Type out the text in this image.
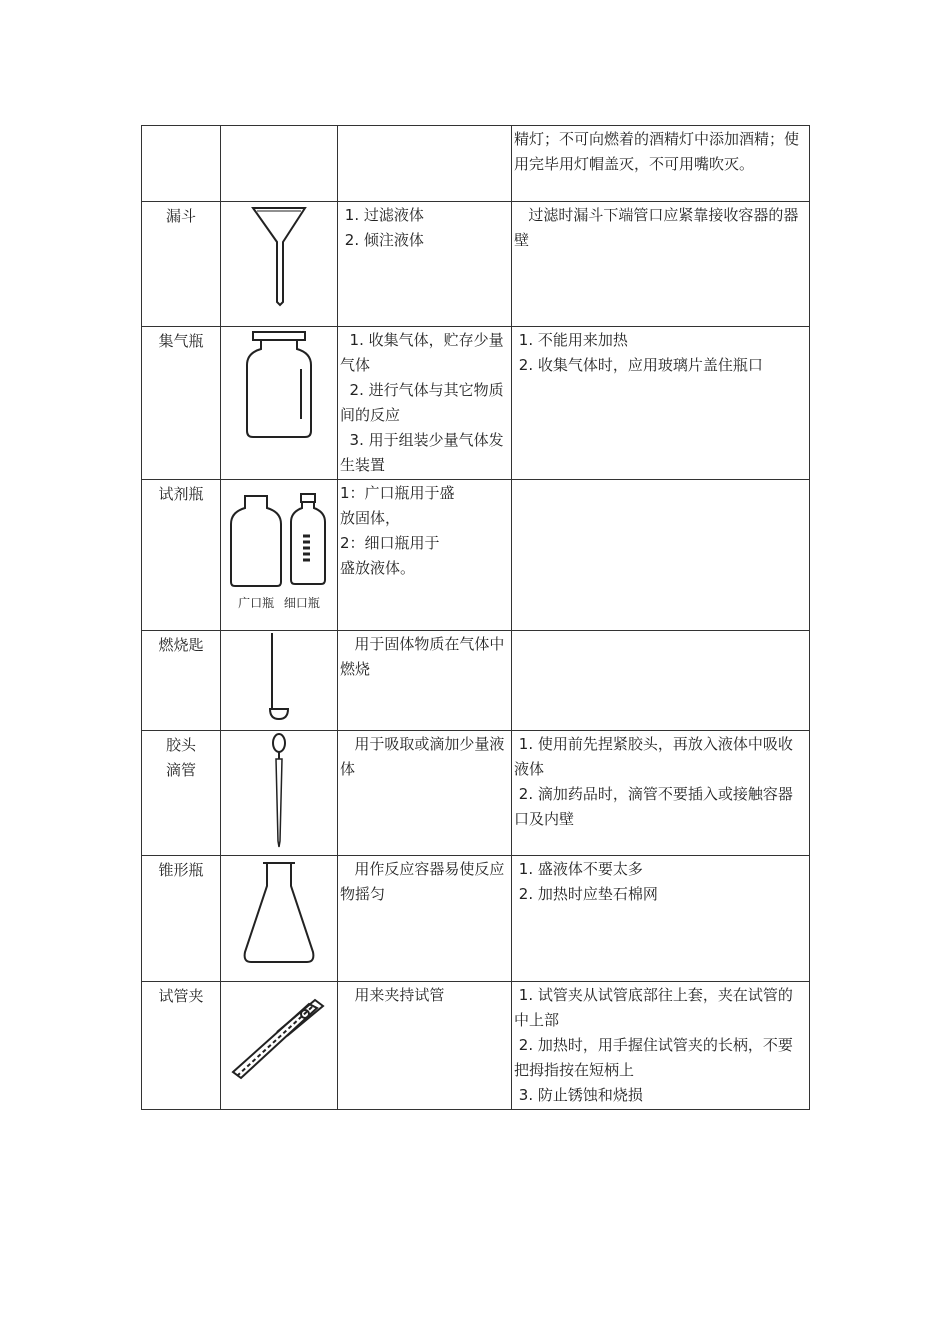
			精灯；不可向燃着的酒精灯中添加酒精；使用完毕用灯帽盖灭，不可用嘴吹灭。

漏斗		1. 过滤液体
2. 倾注液体	过滤时漏斗下端管口应紧靠接收容器的器壁

集气瓶		1. 收集气体，贮存少量气体
2. 进行气体与其它物质间的反应
3. 用于组装少量气体发生装置	1. 不能用来加热
2. 收集气体时，应用玻璃片盖住瓶口

试剂瓶	广口瓶 细口瓶	1：广口瓶用于盛
放固体，
2：细口瓶用于
盛放液体。	

燃烧匙		用于固体物质在气体中燃烧	

胶头
滴管		用于吸取或滴加少量液体	1. 使用前先捏紧胶头，再放入液体中吸收液体
2. 滴加药品时，滴管不要插入或接触容器口及内壁

锥形瓶		用作反应容器易使反应物摇匀	1. 盛液体不要太多
2. 加热时应垫石棉网

试管夹		用来夹持试管	1. 试管夹从试管底部往上套，夹在试管的中上部
2. 加热时，用手握住试管夹的长柄，不要把拇指按在短柄上
3. 防止锈蚀和烧损
